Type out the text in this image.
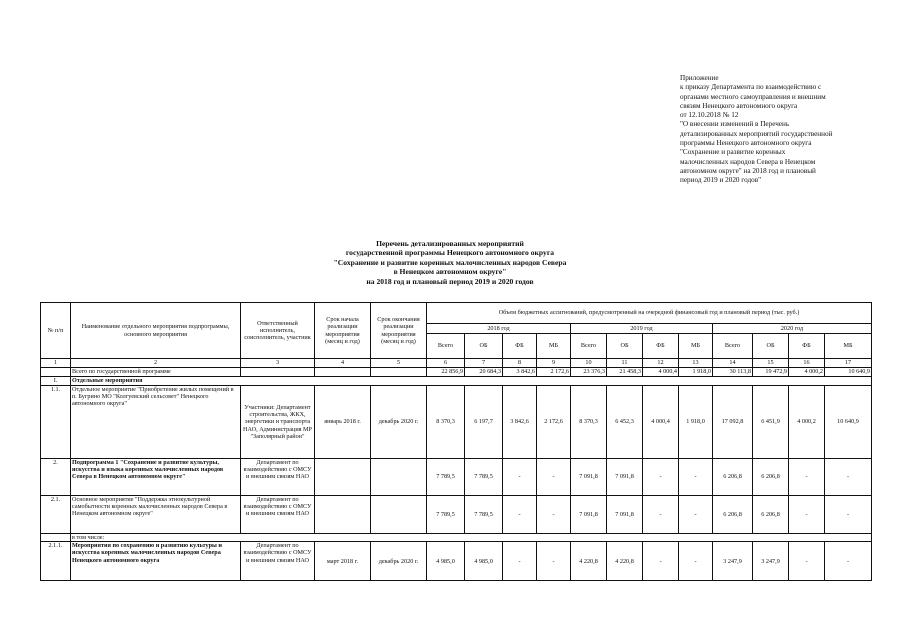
Приложение
к приказу Департамента по взаимодействию с
органами местного самоуправления и внешним
связям Ненецкого автономного округа
от 12.10.2018 № 12
"О внесении изменений в Перечень
детализированных мероприятий государственной
программы Ненецкого автономного округа
"Сохранение и развитие коренных
малочисленных народов Севера в Ненецком
автономном округе" на 2018 год и плановый
период 2019 и 2020 годов"
Перечень детализированных мероприятий
государственной программы Ненецкого автономного округа
"Сохранение и развитие коренных малочисленных народов Севера
в Ненецком автономном округе"
на 2018 год и плановый период 2019 и 2020 годов
№ п/п	Наименование отдельного мероприятия подпрограммы, основного мероприятия	Ответственный исполнитель, соисполнитель, участник	Срок начала реализации мероприятия (месяц и год)	Срок окончания реализации мероприятия (месяц и год)	Объем бюджетных ассигнований, предусмотренный на очередной финансовый год и плановый период (тыс. руб.)											
					2018 год				2019 год				2020 год			
					Всего	ОБ	ФБ	МБ	Всего	ОБ	ФБ	МБ	Всего	ОБ	ФБ	МБ
1	2	3	4	5	6	7	8	9	10	11	12	13	14	15	16	17
	Всего по государственной программе				22 856,9	20 684,3	3 842,6	2 172,6	23 376,3	21 458,3	4 000,4	1 918,0	30 113,8	19 472,9	4 000,2	10 640,9
I.	Отдельные мероприятия															
1.1.	Отдельное мероприятие "Приобретение жилых помещений в п. Бугрино МО "Колгуевский сельсовет" Ненецкого автономного округа"	Участники: Департамент строительства, ЖКХ, энергетики и транспорта НАО, Администрация МР "Заполярный район"	январь 2018 г.	декабрь 2020 г.	8 370,3	6 197,7	3 842,6	2 172,6	8 370,3	6 452,3	4 000,4	1 918,0	17 092,8	6 451,9	4 000,2	10 640,9
2.	Подпрограмма 1 "Сохранение и развитие культуры, искусства и языка коренных малочисленных народов Севера в Ненецком автономном округе"	Департамент по взаимодействию с ОМСУ и внешним связям НАО			7 789,5	7 789,5	-	-	7 091,8	7 091,8	-	-	6 206,8	6 206,8	-	-
2.1.	Основное мероприятие "Поддержка этнокультурной самобытности коренных малочисленных народов Севера в Ненецком автономном округе"	Департамент по взаимодействию с ОМСУ и внешним связям НАО			7 789,5	7 789,5	-	-	7 091,8	7 091,8	-	-	6 206,8	6 206,8	-	-
	в том числе:															
2.1.1.	Мероприятия по сохранению и развитию культуры и искусства коренных малочисленных народов Севера Ненецкого автономного округа	Департамент по взаимодействию с ОМСУ и внешним связям НАО	март 2018 г.	декабрь 2020 г.	4 985,0	4 985,0	-	-	4 220,8	4 220,8	-	-	3 247,9	3 247,9	-	-
